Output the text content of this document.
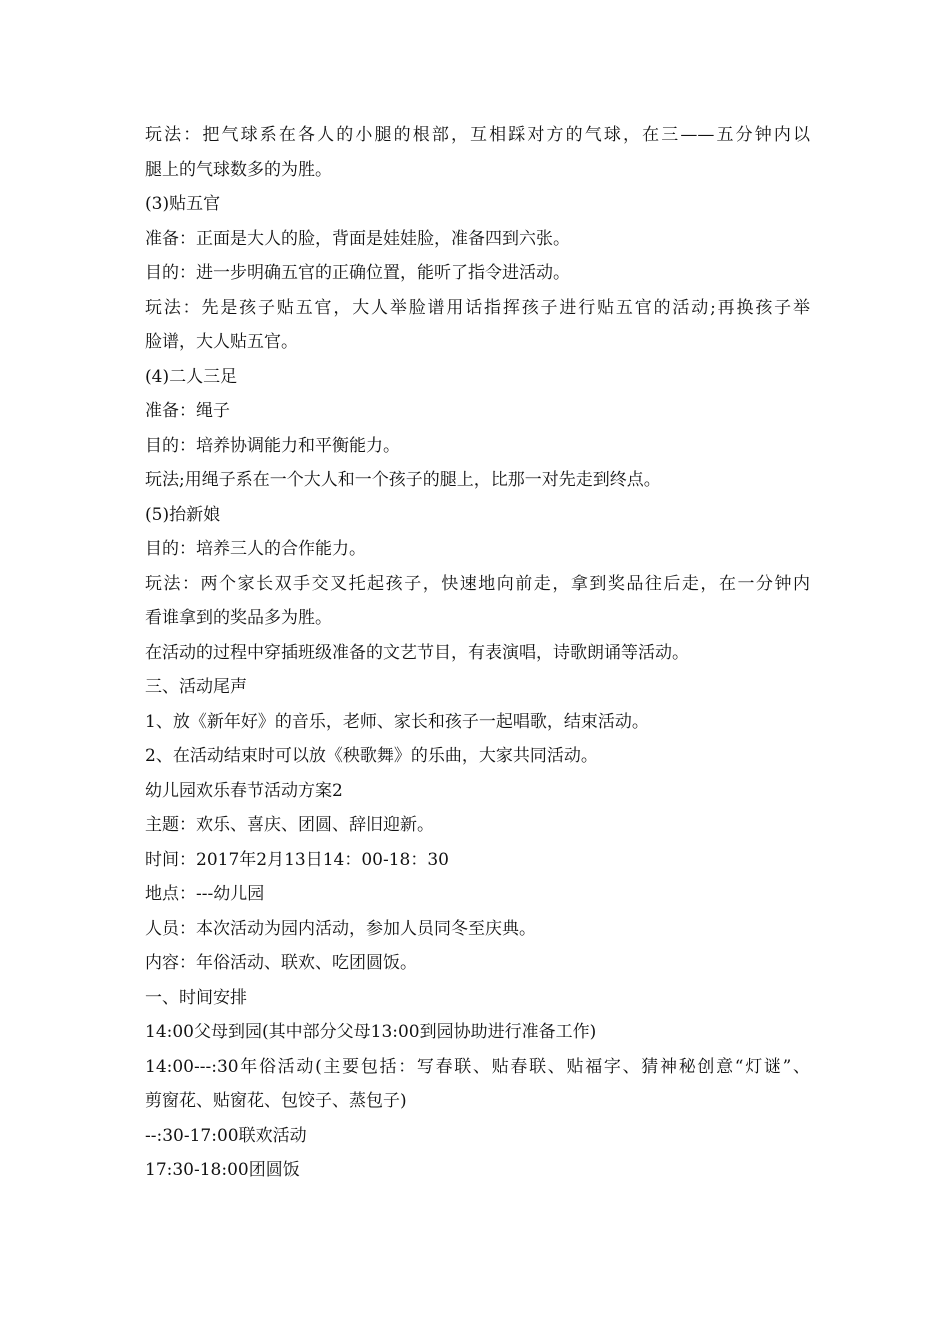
玩法：把气球系在各人的小腿的根部，互相踩对方的气球，在三——五分钟内以
腿上的气球数多的为胜。
(3)贴五官
准备：正面是大人的脸，背面是娃娃脸，准备四到六张。
目的：进一步明确五官的正确位置，能听了指令进活动。
玩法：先是孩子贴五官，大人举脸谱用话指挥孩子进行贴五官的活动;再换孩子举
脸谱，大人贴五官。
(4)二人三足
准备：绳子
目的：培养协调能力和平衡能力。
玩法;用绳子系在一个大人和一个孩子的腿上，比那一对先走到终点。
(5)抬新娘
目的：培养三人的合作能力。
玩法：两个家长双手交叉托起孩子，快速地向前走，拿到奖品往后走，在一分钟内
看谁拿到的奖品多为胜。
在活动的过程中穿插班级准备的文艺节目，有表演唱，诗歌朗诵等活动。
三、活动尾声
1、放《新年好》的音乐，老师、家长和孩子一起唱歌，结束活动。
2、在活动结束时可以放《秧歌舞》的乐曲，大家共同活动。
幼儿园欢乐春节活动方案2
主题：欢乐、喜庆、团圆、辞旧迎新。
时间：2017年2月13日14：00-18：30
地点：---幼儿园
人员：本次活动为园内活动，参加人员同冬至庆典。
内容：年俗活动、联欢、吃团圆饭。
一、时间安排
14:00父母到园(其中部分父母13:00到园协助进行准备工作)
14:00---:30年俗活动(主要包括：写春联、贴春联、贴福字、猜神秘创意“灯谜”、
剪窗花、贴窗花、包饺子、蒸包子)
--:30-17:00联欢活动
17:30-18:00团圆饭
